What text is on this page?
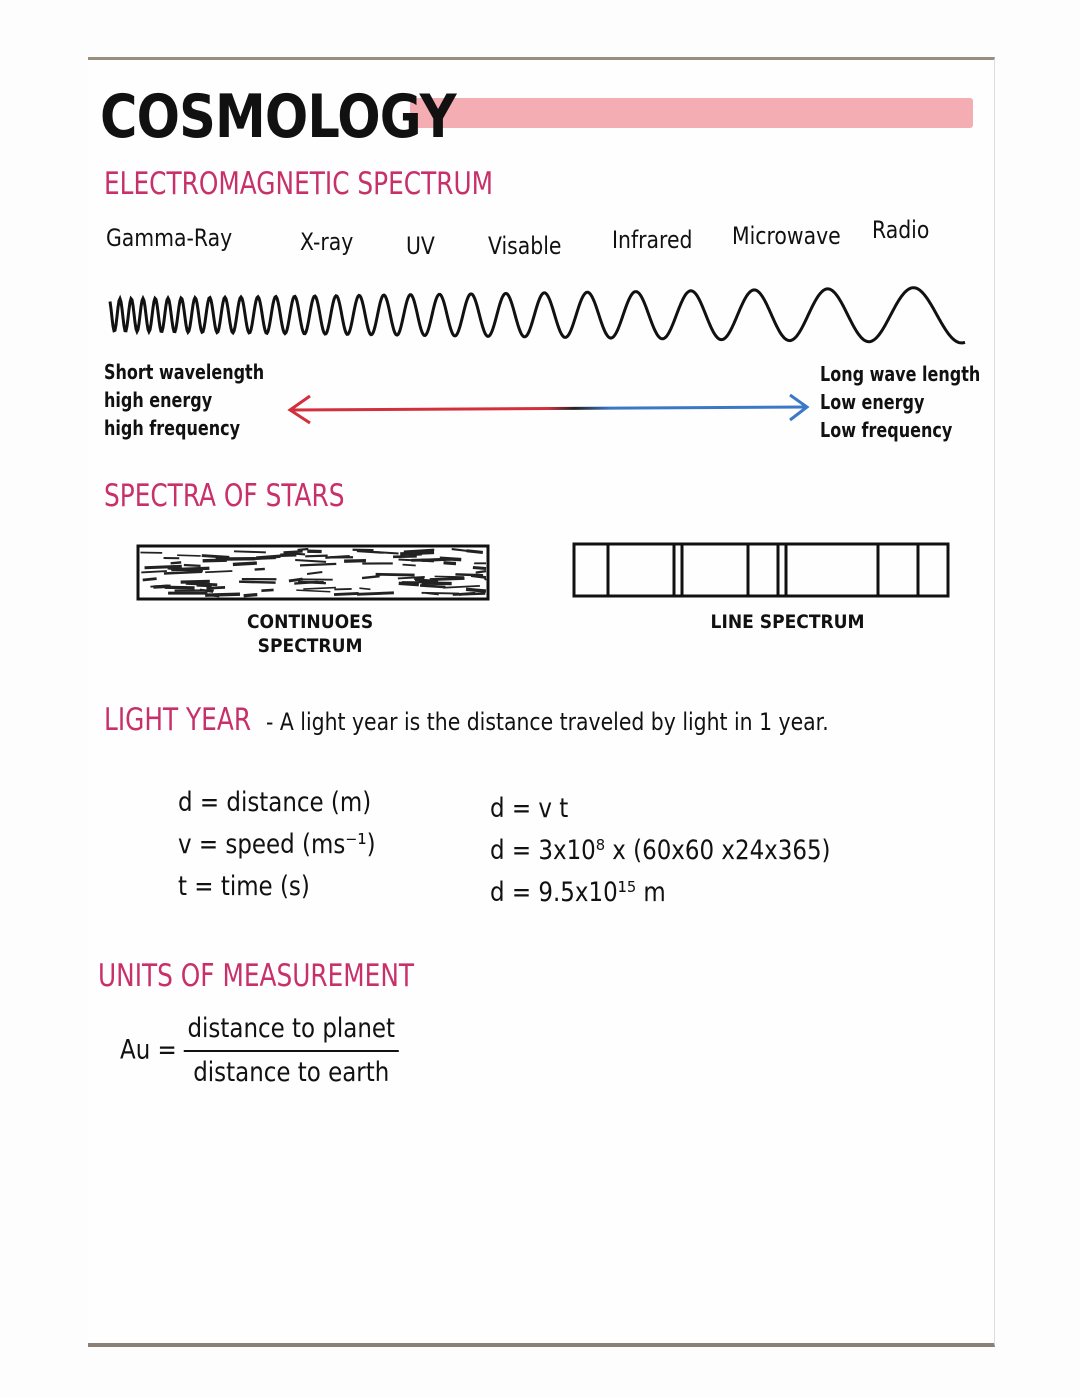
COSMOLOGY
ELECTROMAGNETIC SPECTRUM
Gamma-Ray	X-ray UV Visable Infrared Microwave Radio
Short wavelength
high energy
high frequency
Long wave length
Low energy
Low frequency
SPECTRA OF STARS
CONTINUOES
SPECTRUM
LINE SPECTRUM
LIGHT YEAR - A light year is the distance traveled by light in 1 year.
d = distance (m)
v = speed (ms⁻¹)
t = time (s)
d = v t
d = 3x10⁸ x (60x60 x24x365)
d = 9.5x10¹⁵ m
UNITS OF MEASUREMENT
$Au = \frac{\text{distance to planet}}{\text{distance to earth}}$
